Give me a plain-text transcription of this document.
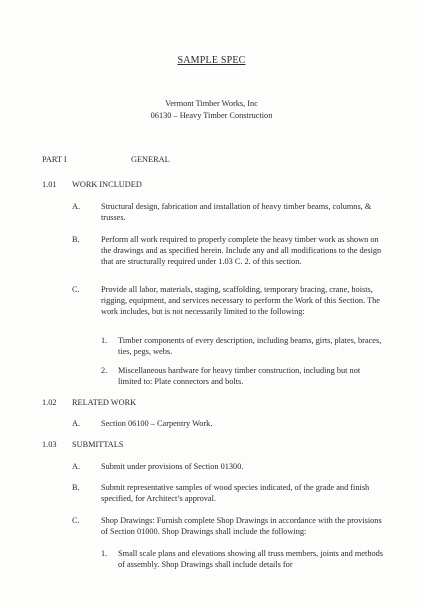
SAMPLE SPEC
Vermont Timber Works, Inc
06130 – Heavy Timber Construction
PART I	GENERAL
1.01 WORK INCLUDED
A.	Structural design, fabrication and installation of heavy timber beams, columns, & trusses.
B.	Perform all work required to properly complete the heavy timber work as shown on the drawings and as specified herein. Include any and all modifications to the design that are structurally required under 1.03 C. 2. of this section.
C.	Provide all labor, materials, staging, scaffolding, temporary bracing, crane, hoists, rigging, equipment, and services necessary to perform the Work of this Section. The work includes, but is not necessarily limited to the following:
1. Timber components of every description, including beams, girts, plates, braces, ties, pegs, webs.
2. Miscellaneous hardware for heavy timber construction, including but not limited to: Plate connectors and bolts.
1.02 RELATED WORK
A.	Section 06100 – Carpentry Work.
1.03 SUBMITTALS
A.	Submit under provisions of Section 01300.
B.	Submit representative samples of wood species indicated, of the grade and finish specified, for Architect’s approval.
C.	Shop Drawings: Furnish complete Shop Drawings in accordance with the provisions of Section 01000. Shop Drawings shall include the following:
1. Small scale plans and elevations showing all truss members, joints and methods of assembly. Shop Drawings shall include details for
